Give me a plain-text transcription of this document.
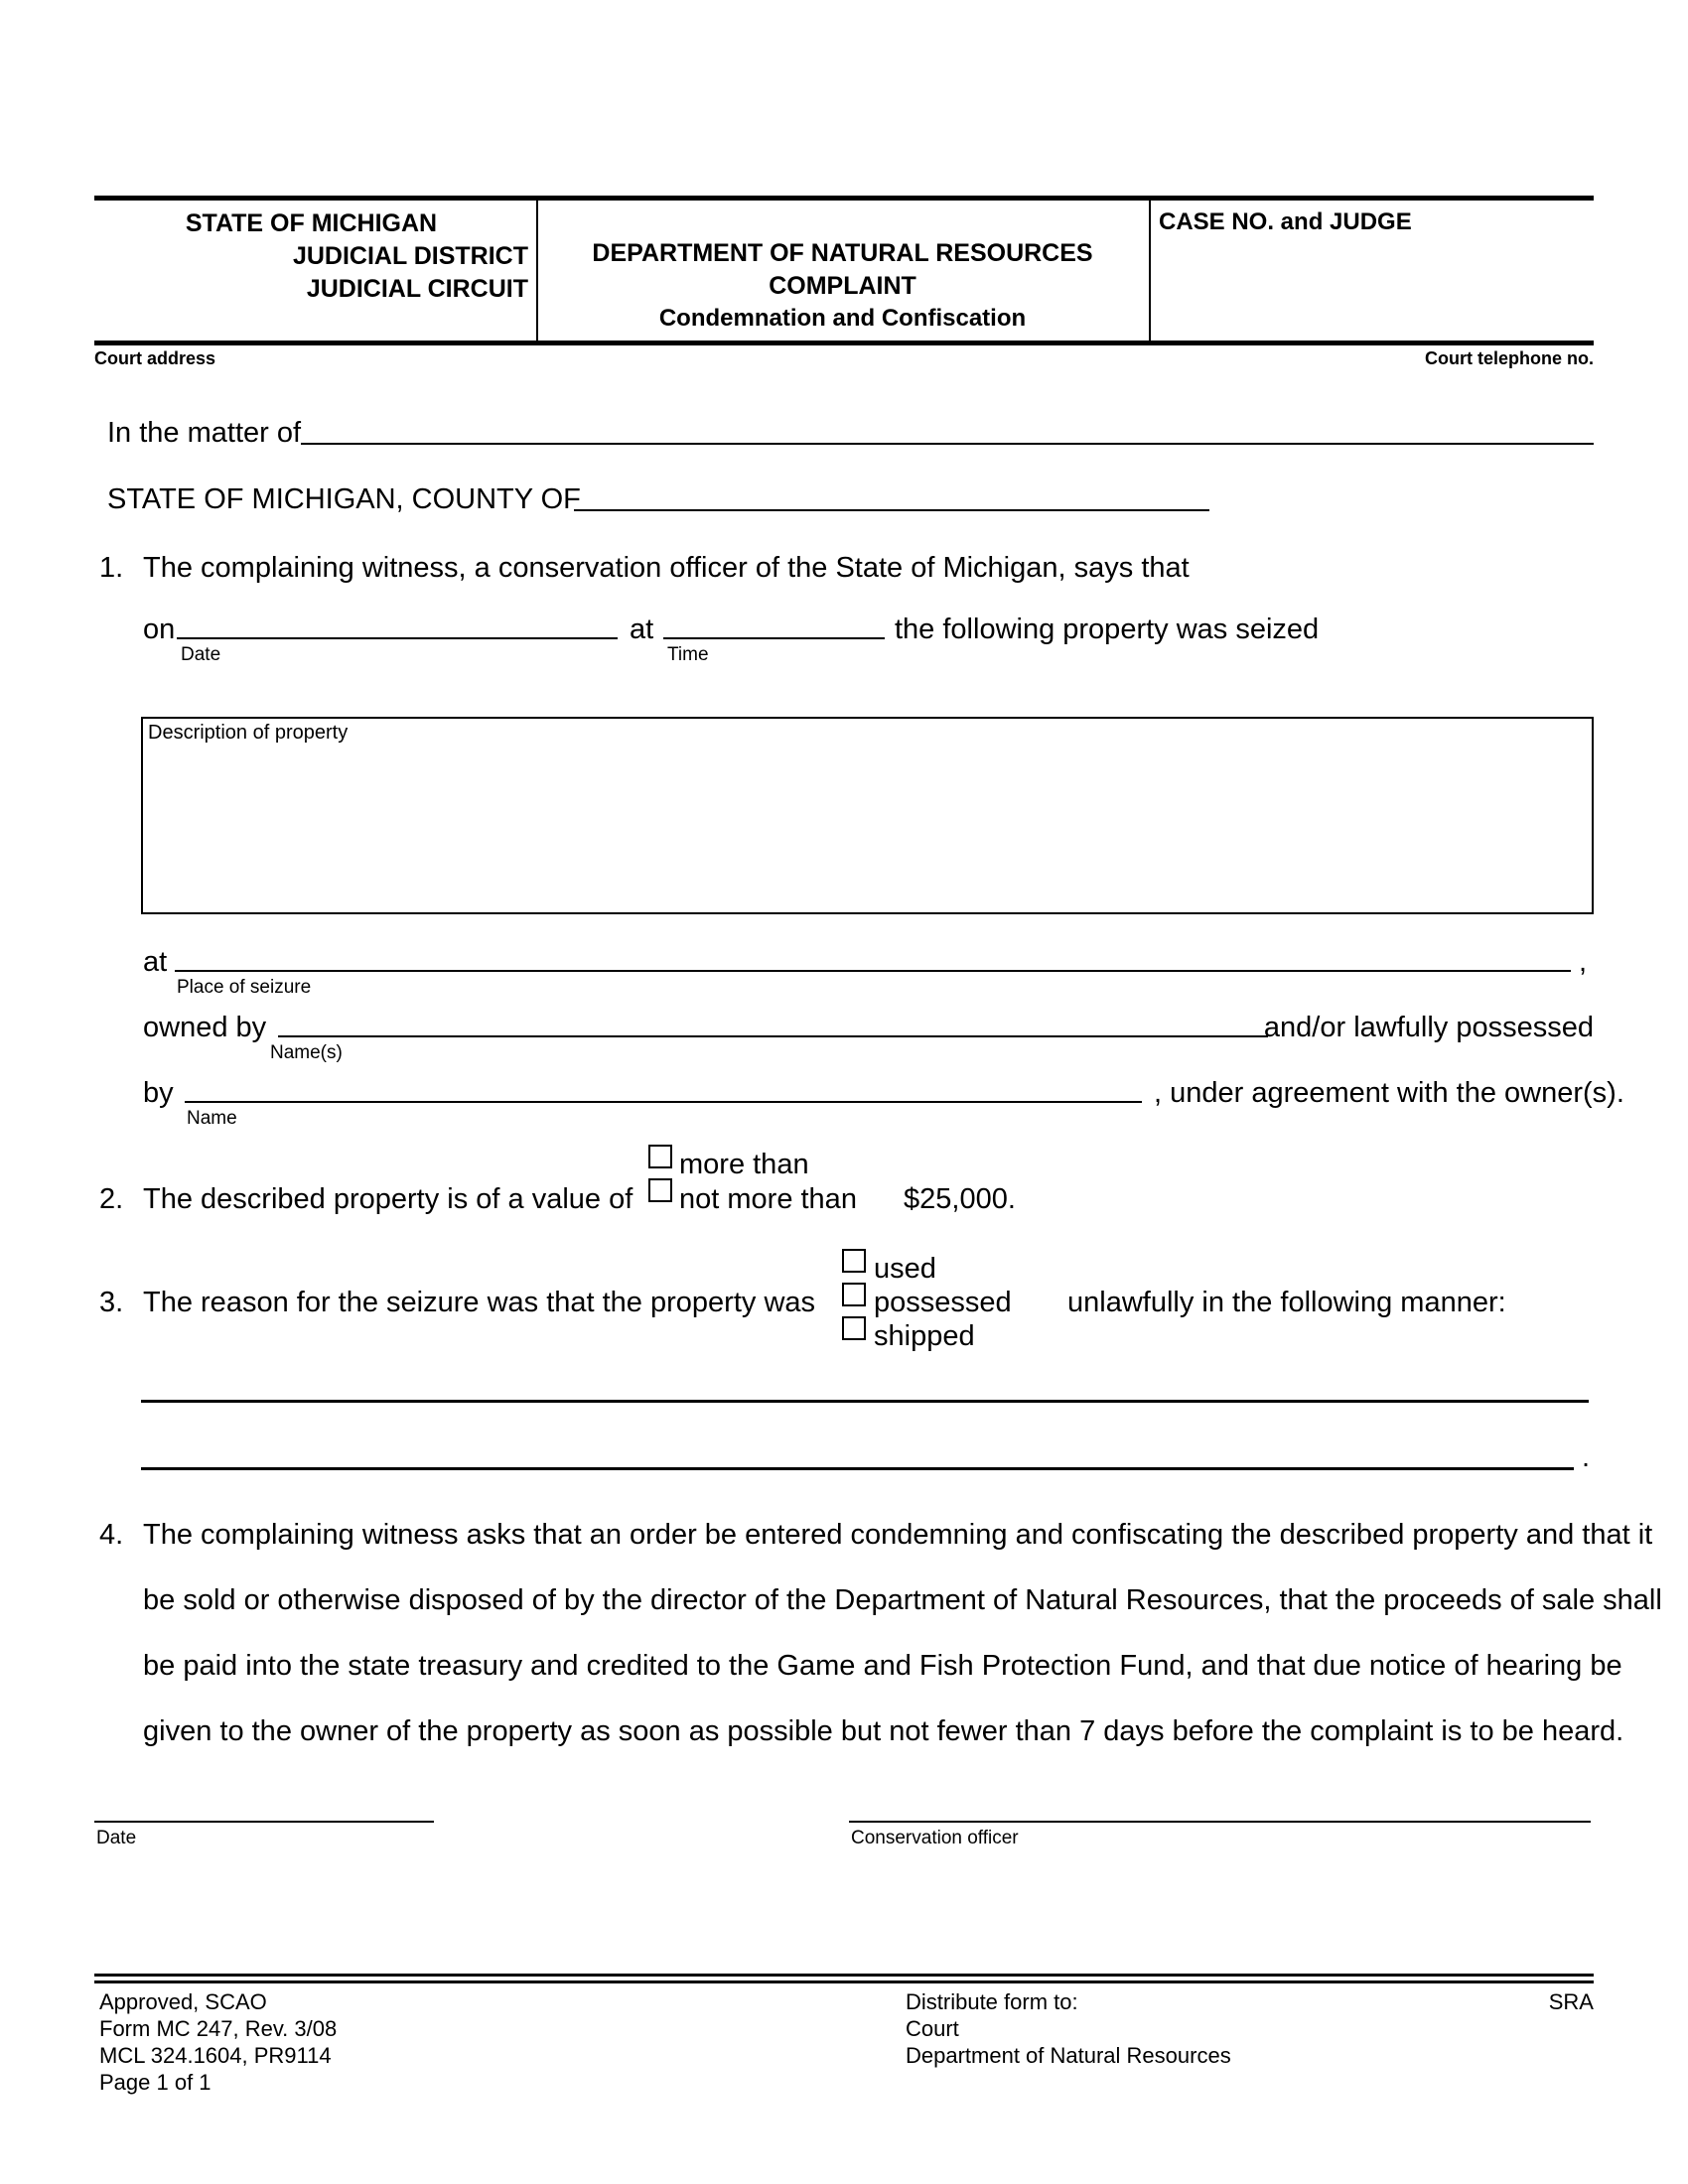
STATE OF MICHIGAN
JUDICIAL DISTRICT
JUDICIAL CIRCUIT
DEPARTMENT OF NATURAL RESOURCES
COMPLAINT
Condemnation and Confiscation
CASE NO. and JUDGE
Court address	Court telephone no.
In the matter of
STATE OF MICHIGAN, COUNTY OF
1. The complaining witness, a conservation officer of the State of Michigan, says that
on
Date
at
Time
the following property was seized
Description of property
at	,
Place of seizure
owned by
Name(s)
and/or lawfully possessed
by
Name
, under agreement with the owner(s).
2. The described property is of a value of
more than
not more than $25,000.
3. The reason for the seizure was that the property was
used
possessed
shipped
unlawfully in the following manner:
.
4. The complaining witness asks that an order be entered condemning and confiscating the described property and that it
be sold or otherwise disposed of by the director of the Department of Natural Resources, that the proceeds of sale shall
be paid into the state treasury and credited to the Game and Fish Protection Fund, and that due notice of hearing be
given to the owner of the property as soon as possible but not fewer than 7 days before the complaint is to be heard.
Date	Conservation officer
Approved, SCAO
Form MC 247, Rev. 3/08
MCL 324.1604, PR9114
Page 1 of 1
Distribute form to:
Court
Department of Natural Resources
SRA
